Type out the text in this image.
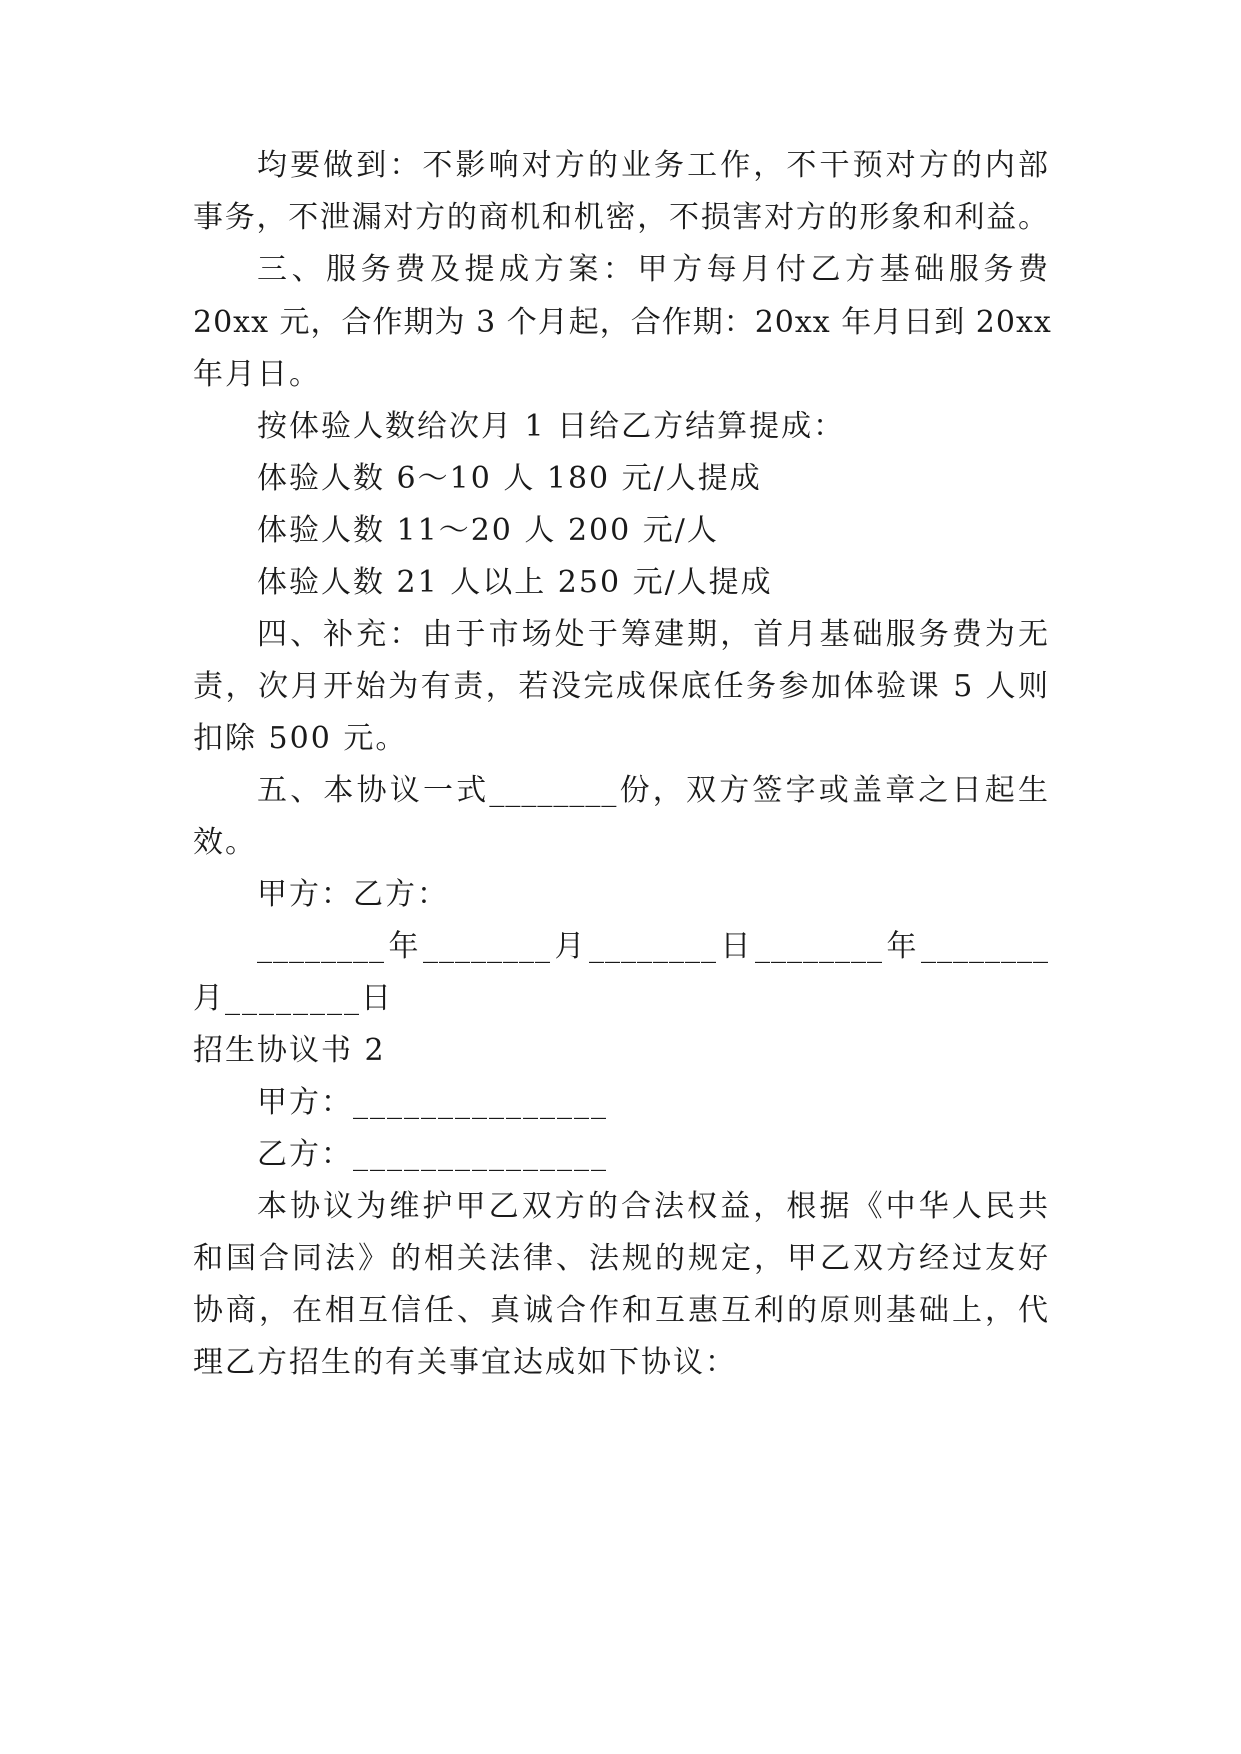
均要做到：不影响对方的业务工作，不干预对方的内部
事务，不泄漏对方的商机和机密，不损害对方的形象和利益。
三、服务费及提成方案：甲方每月付乙方基础服务费
20xx 元，合作期为 3 个月起，合作期：20xx 年月日到 20xx
年月日。
按体验人数给次月 1 日给乙方结算提成：
体验人数 6～10 人 180 元/人提成
体验人数 11～20 人 200 元/人
体验人数 21 人以上 250 元/人提成
四、补充：由于市场处于筹建期，首月基础服务费为无
责，次月开始为有责，若没完成保底任务参加体验课 5 人则
扣除 500 元。
五、本协议一式________份，双方签字或盖章之日起生
效。
甲方：乙方：
________年________月________日________年________
月________日
招生协议书 2
甲方：_______________
乙方：_______________
本协议为维护甲乙双方的合法权益，根据《中华人民共
和国合同法》的相关法律、法规的规定，甲乙双方经过友好
协商，在相互信任、真诚合作和互惠互利的原则基础上，代
理乙方招生的有关事宜达成如下协议：
